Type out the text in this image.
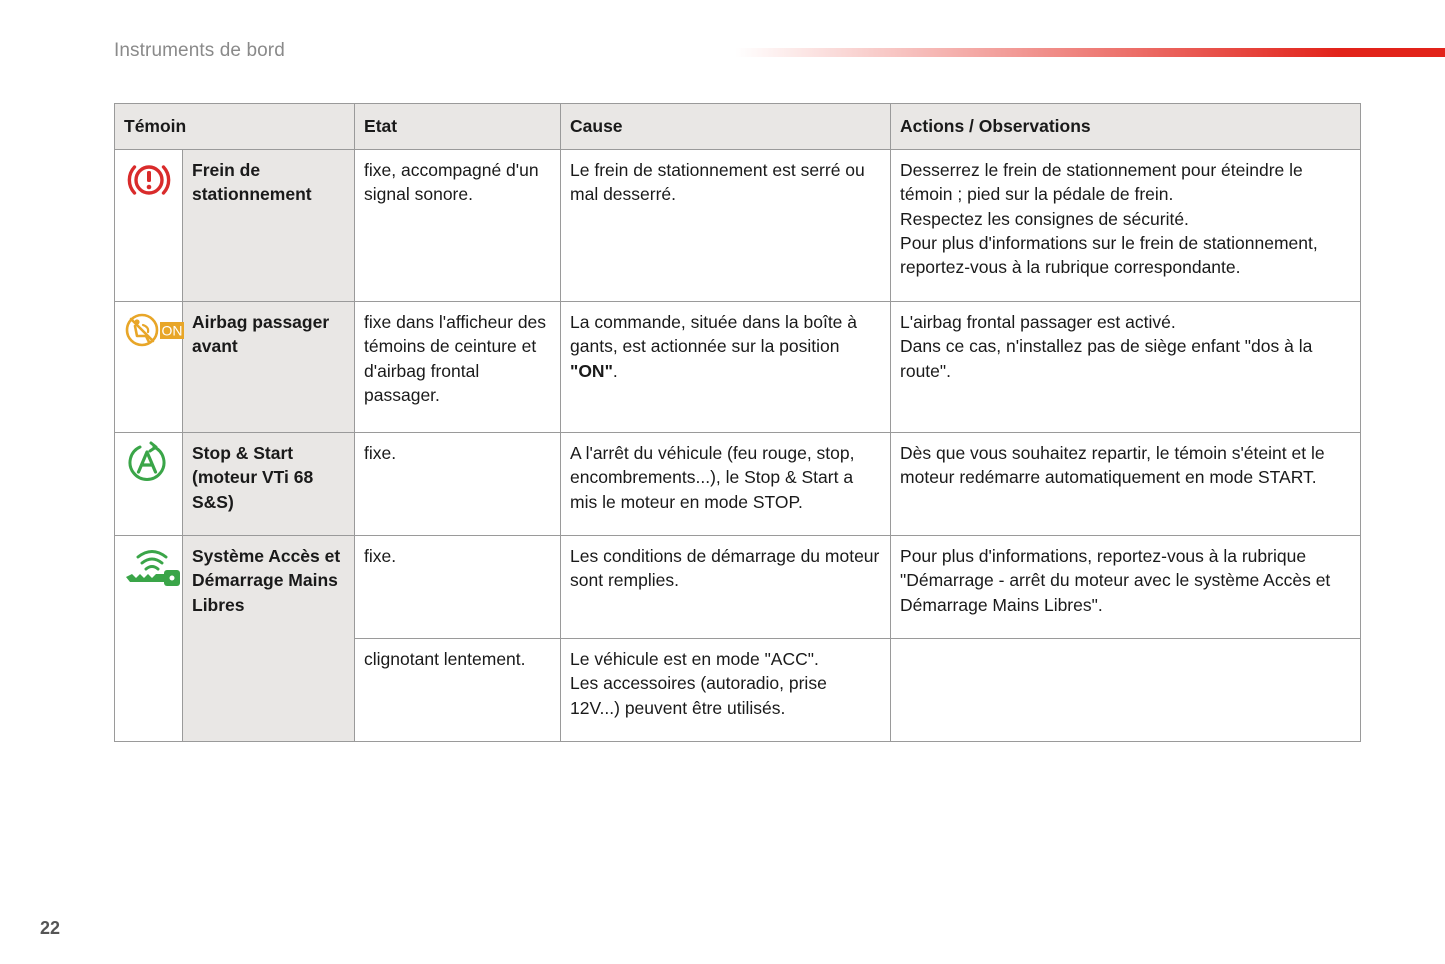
Instruments de bord
Témoin		Etat	Cause	Actions / Observations
	Frein de stationnement	fixe, accompagné d'un signal sonore.	Le frein de stationnement est serré ou mal desserré.	Desserrez le frein de stationnement pour éteindre le témoin ; pied sur la pédale de frein.
Respectez les consignes de sécurité.
Pour plus d'informations sur le frein de stationnement, reportez-vous à la rubrique correspondante.

ON	Airbag passager avant	fixe dans l'afficheur des témoins de ceinture et d'airbag frontal passager.	La commande, située dans la boîte à gants, est actionnée sur la position "ON".	L'airbag frontal passager est activé.
Dans ce cas, n'installez pas de siège enfant "dos à la route".

	Stop & Start (moteur VTi 68 S&S)	fixe.	A l'arrêt du véhicule (feu rouge, stop, encombrements...), le Stop & Start a mis le moteur en mode STOP.	Dès que vous souhaitez repartir, le témoin s'éteint et le moteur redémarre automatiquement en mode START.

	Système Accès et Démarrage Mains Libres	fixe.	Les conditions de démarrage du moteur sont remplies.	Pour plus d'informations, reportez-vous à la rubrique "Démarrage - arrêt du moteur avec le système Accès et Démarrage Mains Libres".

		clignotant lentement.	Le véhicule est en mode "ACC".
Les accessoires (autoradio, prise 12V...) peuvent être utilisés.	

22
